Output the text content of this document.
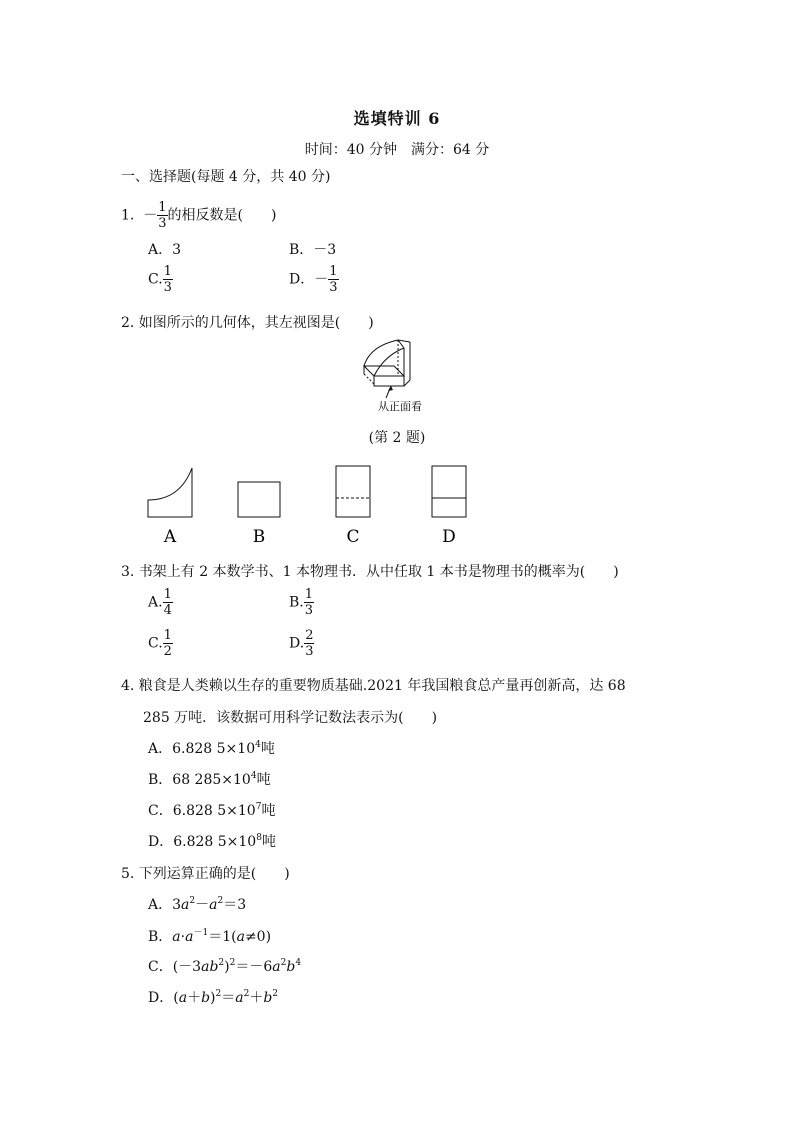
选填特训 6
时间：40 分钟　满分：64 分
一、选择题(每题 4 分，共 40 分)
1. － $\frac{1}{3}$ 的相反数是(　　)
A．3	B．－3
C. $\frac{1}{3}$	D．－ $\frac{1}{3}$
2. 如图所示的几何体，其左视图是(　　)
从正面看
(第 2 题)
A	B	C	D
3. 书架上有 2 本数学书、1 本物理书．从中任取 1 本书是物理书的概率为(　　)
A. $\frac{1}{4}$	B. $\frac{1}{3}$
C. $\frac{1}{2}$	D. $\frac{2}{3}$
4. 粮食是人类赖以生存的重要物质基础.2021 年我国粮食总产量再创新高，达 68
285 万吨．该数据可用科学记数法表示为(　　)
A．6.828 $5\times 10^4$吨
B．68 $285\times 10^4$吨
C．6.828 $5\times 10^7$吨
D．6.828 $5\times 10^8$吨
5. 下列运算正确的是(　　)
A．$3a^2-a^2=3$
B．$a\cdot a^{-1}=1(a\ne 0)$
C．$(-3ab^2)^2=-6a^2b^4$
D．$(a+b)^2=a^2+b^2$
